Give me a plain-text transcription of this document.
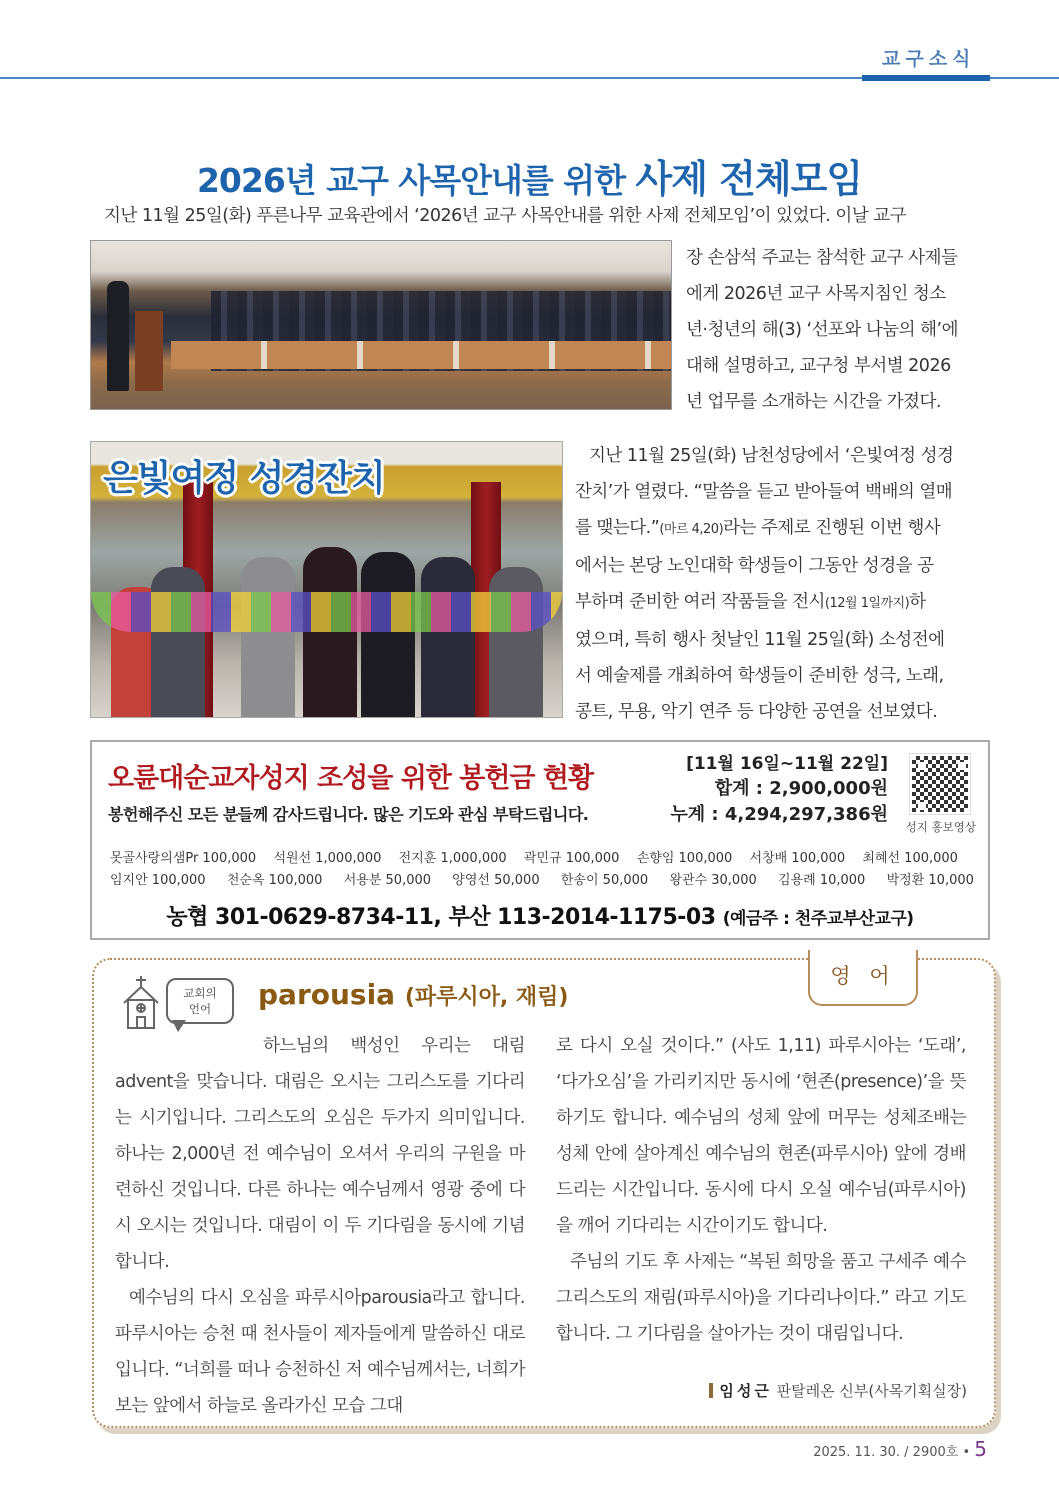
교구소식
2026년 교구 사목안내를 위한 사제 전체모임
지난 11월 25일(화) 푸른나무 교육관에서 ‘2026년 교구 사목안내를 위한 사제 전체모임’이 있었다. 이날 교구
장 손삼석 주교는 참석한 교구 사제들
에게 2026년 교구 사목지침인 청소
년·청년의 해(3) ‘선포와 나눔의 해’에
대해 설명하고, 교구청 부서별 2026
년 업무를 소개하는 시간을 가졌다.
은빛여정 성경잔치
지난 11월 25일(화) 남천성당에서 ‘은빛여정 성경
잔치’가 열렸다. “말씀을 듣고 받아들여 백배의 열매
를 맺는다.”(마르 4,20)라는 주제로 진행된 이번 행사
에서는 본당 노인대학 학생들이 그동안 성경을 공
부하며 준비한 여러 작품들을 전시(12월 1일까지)하
였으며, 특히 행사 첫날인 11월 25일(화) 소성전에
서 예술제를 개최하여 학생들이 준비한 성극, 노래,
콩트, 무용, 악기 연주 등 다양한 공연을 선보였다.
오륜대순교자성지 조성을 위한 봉헌금 현황
봉헌해주신 모든 분들께 감사드립니다. 많은 기도와 관심 부탁드립니다.
[11월 16일~11월 22일]
합계 : 2,900,000원
누계 : 4,294,297,386원
성지 홍보영상
못골사랑의샘Pr 100,000 석원선 1,000,000 전지훈 1,000,000 곽민규 100,000 손향임 100,000 서창배 100,000 최혜선 100,000
임지안 100,000 천순옥 100,000 서용분 50,000 양영선 50,000 한송이 50,000 왕관수 30,000 김용례 10,000 박정환 10,000
농협 301-0629-8734-11, 부산 113-2014-1175-03 (예금주 : 천주교부산교구)
영 어
교회의
언어	parousia (파루시아, 재림)

하느님의 백성인 우리는 대림 advent을 맞습니다. 대림은 오시는 그리스도를 기다리는 시기입니다. 그리스도의 오심은 두가지 의미입니다. 하나는 2,000년 전 예수님이 오셔서 우리의 구원을 마련하신 것입니다. 다른 하나는 예수님께서 영광 중에 다시 오시는 것입니다. 대림이 이 두 기다림을 동시에 기념합니다.

예수님의 다시 오심을 파루시아parousia라고 합니다. 파루시아는 승천 때 천사들이 제자들에게 말씀하신 대로입니다. “너희를 떠나 승천하신 저 예수님께서는, 너희가 보는 앞에서 하늘로 올라가신 모습 그대

로 다시 오실 것이다.” (사도 1,11) 파루시아는 ‘도래’, ‘다가오심’을 가리키지만 동시에 ‘현존(presence)’을 뜻하기도 합니다. 예수님의 성체 앞에 머무는 성체조배는 성체 안에 살아계신 예수님의 현존(파루시아) 앞에 경배드리는 시간입니다. 동시에 다시 오실 예수님(파루시아)을 깨어 기다리는 시간이기도 합니다.

주님의 기도 후 사제는 “복된 희망을 품고 구세주 예수 그리스도의 재림(파루시아)을 기다리나이다.” 라고 기도합니다. 그 기다림을 살아가는 것이 대림입니다.

임성근 판탈레온 신부(사목기획실장)
2025. 11. 30. / 2900호 • 5
